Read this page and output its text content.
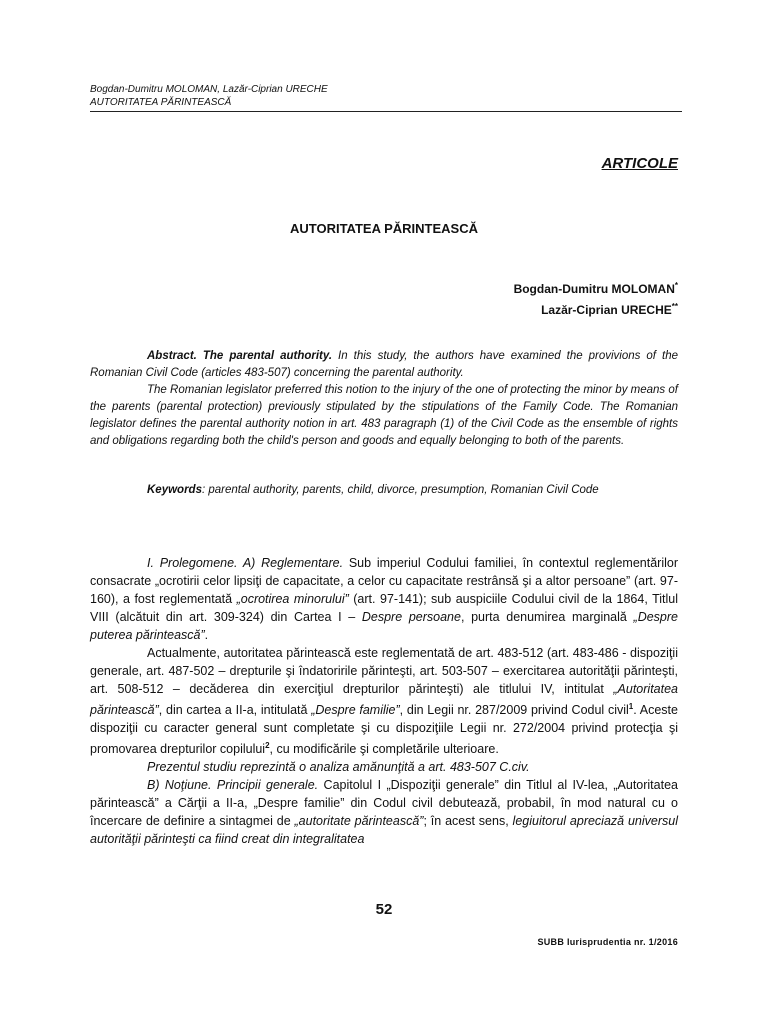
Bogdan-Dumitru MOLOMAN, Lazăr-Ciprian URECHE
AUTORITATEA PĂRINTEASCĂ
ARTICOLE
AUTORITATEA PĂRINTEASCĂ
Bogdan-Dumitru MOLOMAN*
Lazăr-Ciprian URECHE**

Abstract. The parental authority. In this study, the authors have examined the provivions of the Romanian Civil Code (articles 483-507) concerning the parental authority.

The Romanian legislator preferred this notion to the injury of the one of protecting the minor by means of the parents (parental protection) previously stipulated by the stipulations of the Family Code. The Romanian legislator defines the parental authority notion in art. 483 paragraph (1) of the Civil Code as the ensemble of rights and obligations regarding both the child's person and goods and equally belonging to both of the parents.

Keywords: parental authority, parents, child, divorce, presumption, Romanian Civil Code

I. Prolegomene. A) Reglementare. Sub imperiul Codului familiei, în contextul reglementărilor consacrate „ocrotirii celor lipsiţi de capacitate, a celor cu capacitate restrânsă şi a altor persoane” (art. 97-160), a fost reglementată „ocrotirea minorului” (art. 97-141); sub auspiciile Codului civil de la 1864, Titlul VIII (alcătuit din art. 309-324) din Cartea I – Despre persoane, purta denumirea marginală „Despre puterea părintească”.

Actualmente, autoritatea părintească este reglementată de art. 483-512 (art. 483-486 - dispoziţii generale, art. 487-502 – drepturile şi îndatoririle părinteşti, art. 503-507 – exercitarea autorităţii părinteşti, art. 508-512 – decăderea din exerciţiul drepturilor părinteşti) ale titlului IV, intitulat „Autoritatea părintească”, din cartea a II-a, intitulată „Despre familie”, din Legii nr. 287/2009 privind Codul civil$^1$. Aceste dispoziţii cu caracter general sunt completate şi cu dispoziţiile Legii nr. 272/2004 privind protecţia şi promovarea drepturilor copilului$^2$, cu modificările şi completările ulterioare.

Prezentul studiu reprezintă o analiza amănunţită a art. 483-507 C.civ.

B) Noţiune. Principii generale. Capitolul I „Dispoziţii generale” din Titlul al IV-lea, „Autoritatea părintească” a Cărţii a II-a, „Despre familie” din Codul civil debutează, probabil, în mod natural cu o încercare de definire a sintagmei de „autoritate părintească”; în acest sens, legiuitorul apreciază universul autorităţii părinteşti ca fiind creat din integralitatea

52
SUBB Iurisprudentia nr. 1/2016
